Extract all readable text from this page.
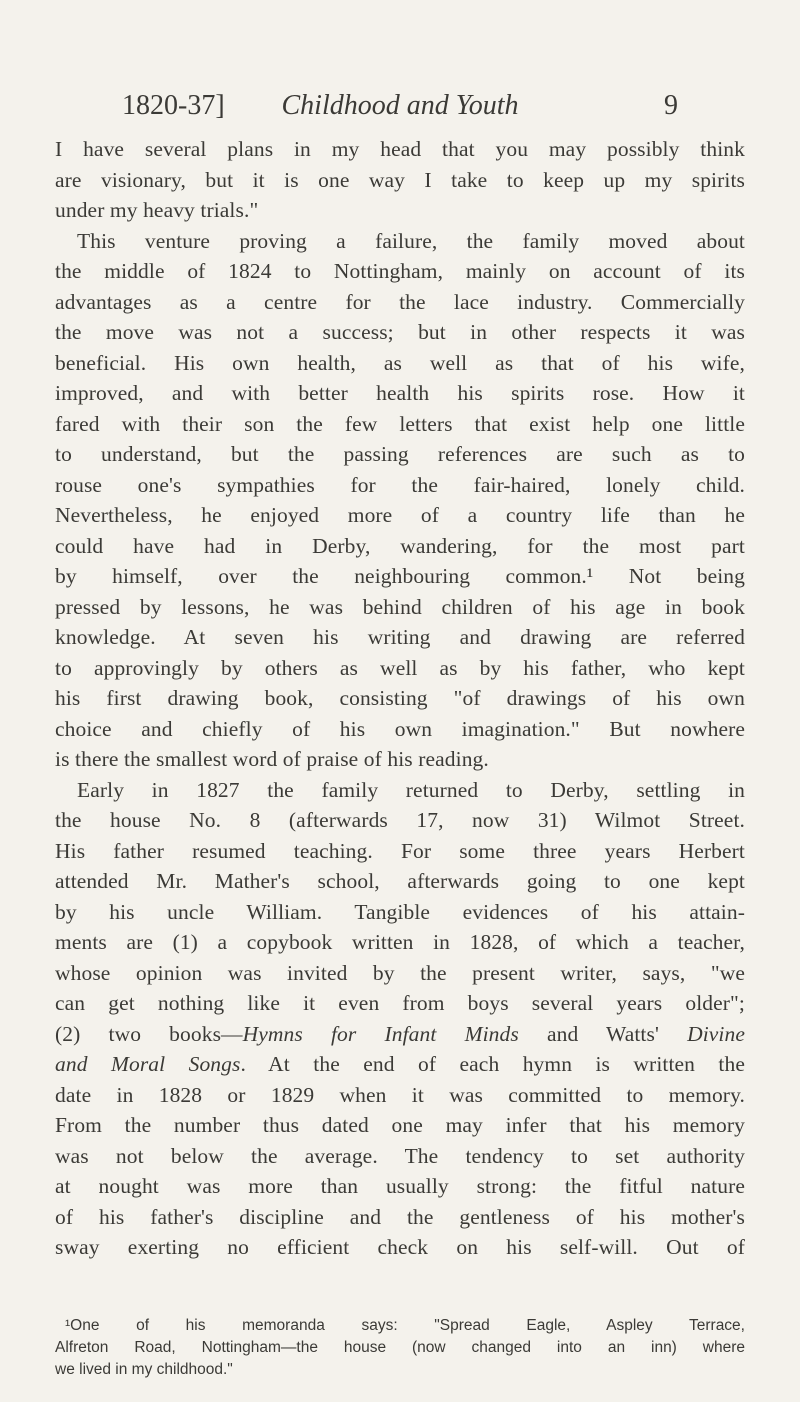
1820-37]	Childhood and Youth	9
I have several plans in my head that you may possibly think
are visionary, but it is one way I take to keep up my spirits
under my heavy trials."
This venture proving a failure, the family moved about
the middle of 1824 to Nottingham, mainly on account of its
advantages as a centre for the lace industry. Commercially
the move was not a success; but in other respects it was
beneficial. His own health, as well as that of his wife,
improved, and with better health his spirits rose. How it
fared with their son the few letters that exist help one little
to understand, but the passing references are such as to
rouse one's sympathies for the fair-haired, lonely child.
Nevertheless, he enjoyed more of a country life than he
could have had in Derby, wandering, for the most part
by himself, over the neighbouring common.¹ Not being
pressed by lessons, he was behind children of his age in book
knowledge. At seven his writing and drawing are referred
to approvingly by others as well as by his father, who kept
his first drawing book, consisting "of drawings of his own
choice and chiefly of his own imagination." But nowhere
is there the smallest word of praise of his reading.
Early in 1827 the family returned to Derby, settling in
the house No. 8 (afterwards 17, now 31) Wilmot Street.
His father resumed teaching. For some three years Herbert
attended Mr. Mather's school, afterwards going to one kept
by his uncle William. Tangible evidences of his attain-
ments are (1) a copybook written in 1828, of which a teacher,
whose opinion was invited by the present writer, says, "we
can get nothing like it even from boys several years older";
(2) two books—Hymns for Infant Minds and Watts' Divine
and Moral Songs. At the end of each hymn is written the
date in 1828 or 1829 when it was committed to memory.
From the number thus dated one may infer that his memory
was not below the average. The tendency to set authority
at nought was more than usually strong: the fitful nature
of his father's discipline and the gentleness of his mother's
sway exerting no efficient check on his self-will. Out of
¹One of his memoranda says: "Spread Eagle, Aspley Terrace,
Alfreton Road, Nottingham—the house (now changed into an inn) where
we lived in my childhood."
